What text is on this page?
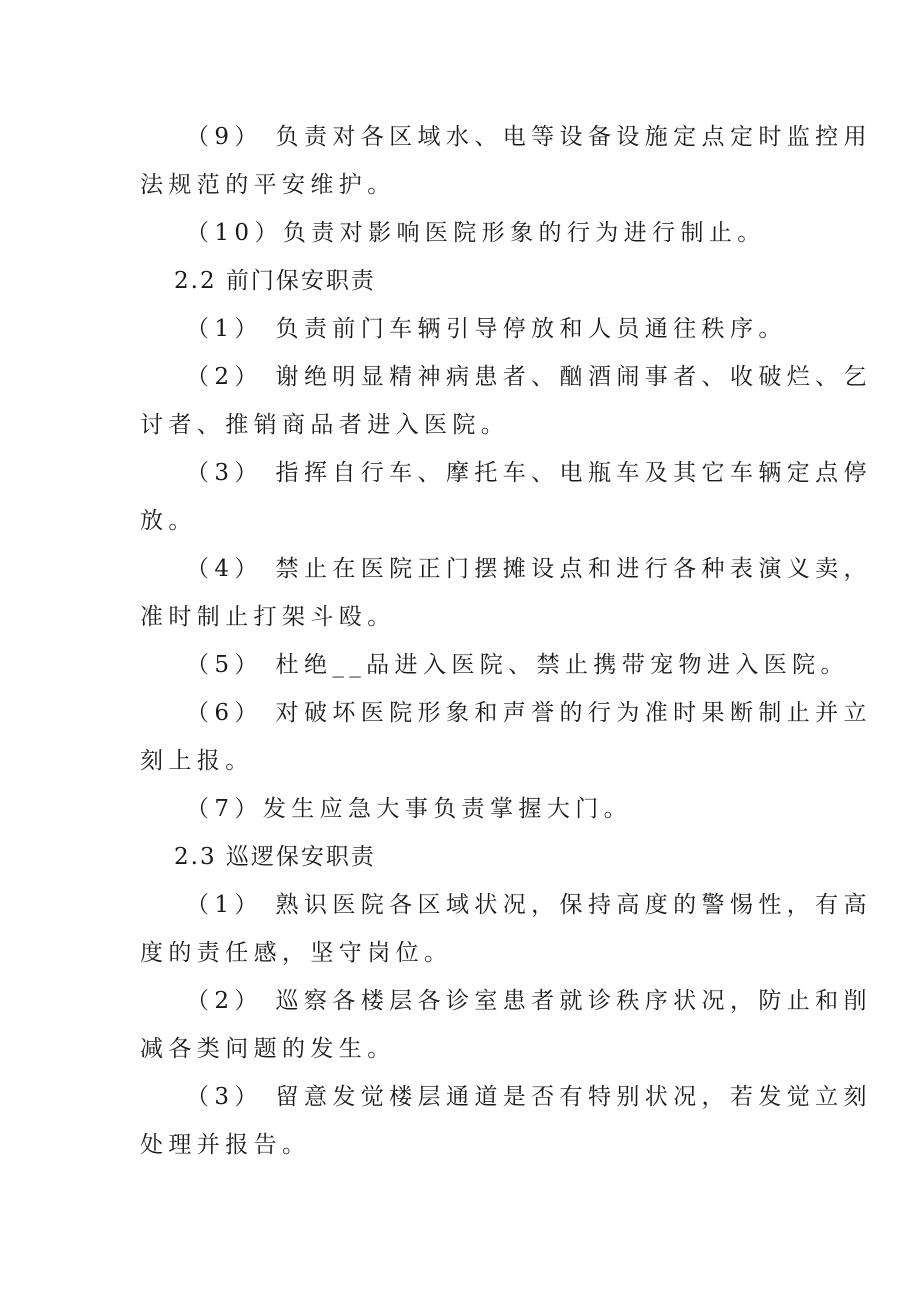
（9） 负责对各区域水、电等设备设施定点定时监控用
法规范的平安维护。
（10）负责对影响医院形象的行为进行制止。
2.2 前门保安职责
（1） 负责前门车辆引导停放和人员通往秩序。
（2） 谢绝明显精神病患者、酗酒闹事者、收破烂、乞
讨者、推销商品者进入医院。
（3） 指挥自行车、摩托车、电瓶车及其它车辆定点停
放。
（4） 禁止在医院正门摆摊设点和进行各种表演义卖，
准时制止打架斗殴。
（5） 杜绝__品进入医院、禁止携带宠物进入医院。
（6） 对破坏医院形象和声誉的行为准时果断制止并立
刻上报。
（7）发生应急大事负责掌握大门。
2.3 巡逻保安职责
（1） 熟识医院各区域状况，保持高度的警惕性，有高
度的责任感，坚守岗位。
（2） 巡察各楼层各诊室患者就诊秩序状况，防止和削
减各类问题的发生。
（3） 留意发觉楼层通道是否有特别状况，若发觉立刻
处理并报告。
